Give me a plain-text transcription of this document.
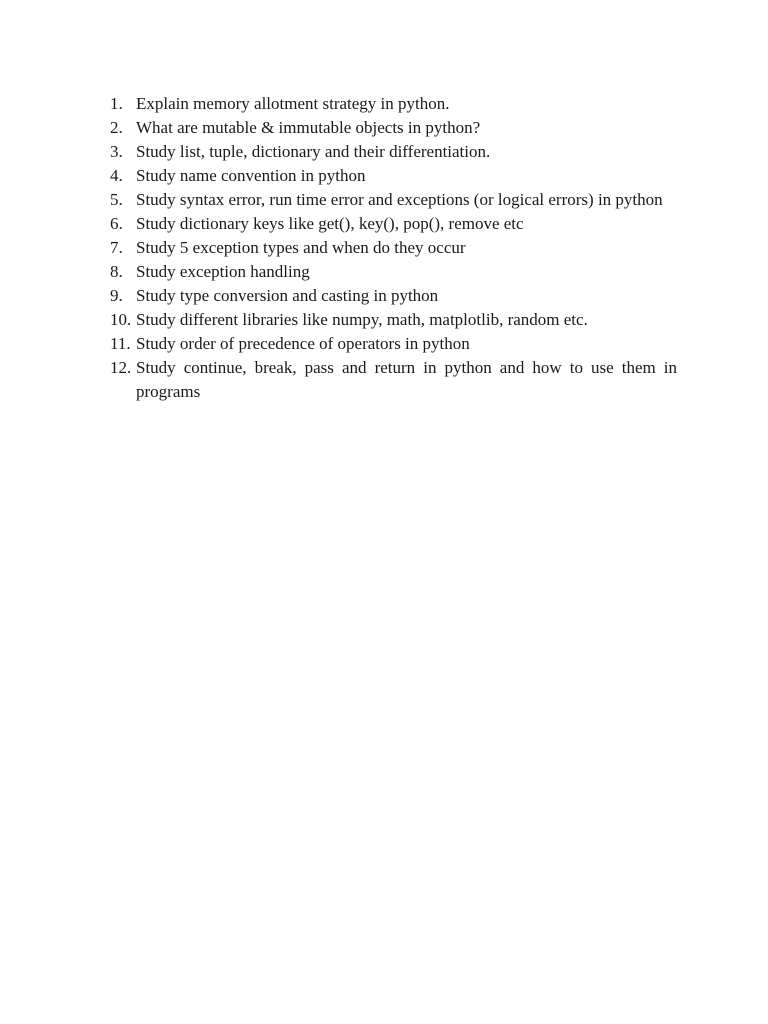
1. Explain memory allotment strategy in python.
2. What are mutable & immutable objects in python?
3. Study list, tuple, dictionary and their differentiation.
4. Study name convention in python
5. Study syntax error, run time error and exceptions (or logical errors) in python
6. Study dictionary keys like get(), key(), pop(), remove etc
7. Study 5 exception types and when do they occur
8. Study exception handling
9. Study type conversion and casting in python
10. Study different libraries like numpy, math, matplotlib, random etc.
11. Study order of precedence of operators in python
12. Study continue, break, pass and return in python and how to use them in programs
